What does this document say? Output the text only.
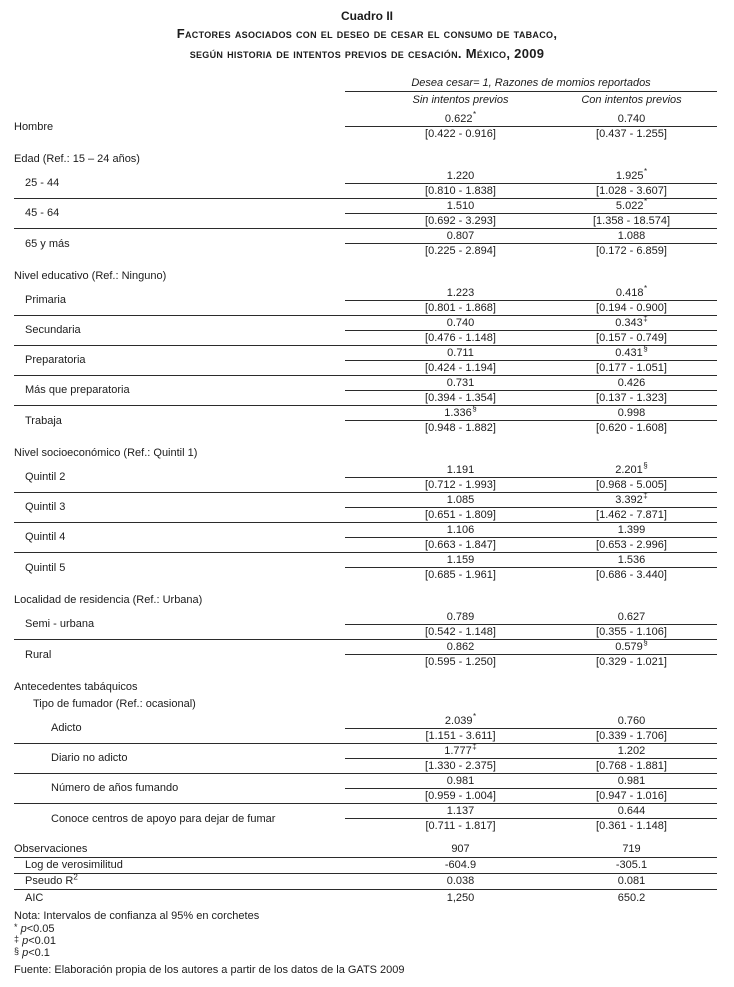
Cuadro II
Factores asociados con el deseo de cesar el consumo de tabaco,
según historia de intentos previos de cesación. México, 2009
Desea cesar= 1, Razones de momios reportados
Sin intentos previos	Con intentos previos
Hombre
0.622*	0.740
[0.422 - 0.916]	[0.437 - 1.255]
Edad (Ref.: 15 – 24 años)
25 - 44
1.220	1.925*
[0.810 - 1.838]	[1.028 - 3.607]
45 - 64
1.510	5.022*
[0.692 - 3.293]	[1.358 - 18.574]
65 y más
0.807	1.088
[0.225 - 2.894]	[0.172 - 6.859]
Nivel educativo (Ref.: Ninguno)
Primaria
1.223	0.418*
[0.801 - 1.868]	[0.194 - 0.900]
Secundaria
0.740	0.343‡
[0.476 - 1.148]	[0.157 - 0.749]
Preparatoria
0.711	0.431§
[0.424 - 1.194]	[0.177 - 1.051]
Más que preparatoria
0.731	0.426
[0.394 - 1.354]	[0.137 - 1.323]
Trabaja
1.336§	0.998
[0.948 - 1.882]	[0.620 - 1.608]
Nivel socioeconómico (Ref.: Quintil 1)
Quintil 2
1.191	2.201§
[0.712 - 1.993]	[0.968 - 5.005]
Quintil 3
1.085	3.392‡
[0.651 - 1.809]	[1.462 - 7.871]
Quintil 4
1.106	1.399
[0.663 - 1.847]	[0.653 - 2.996]
Quintil 5
1.159	1.536
[0.685 - 1.961]	[0.686 - 3.440]
Localidad de residencia (Ref.: Urbana)
Semi - urbana
0.789	0.627
[0.542 - 1.148]	[0.355 - 1.106]
Rural
0.862	0.579§
[0.595 - 1.250]	[0.329 - 1.021]
Antecedentes tabáquicos
Tipo de fumador (Ref.: ocasional)
Adicto
2.039*	0.760
[1.151 - 3.611]	[0.339 - 1.706]
Diario no adicto
1.777‡	1.202
[1.330 - 2.375]	[0.768 - 1.881]
Número de años fumando
0.981	0.981
[0.959 - 1.004]	[0.947 - 1.016]
Conoce centros de apoyo para dejar de fumar
1.137	0.644
[0.711 - 1.817]	[0.361 - 1.148]
Observaciones	907	719
Log de verosimilitud	-604.9	-305.1
Pseudo $R^2$	0.038	0.081
AIC	1,250	650.2
Nota: Intervalos de confianza al 95% en corchetes
* p<0.05
‡ p<0.01
§ p<0.1
Fuente: Elaboración propia de los autores a partir de los datos de la GATS 2009
